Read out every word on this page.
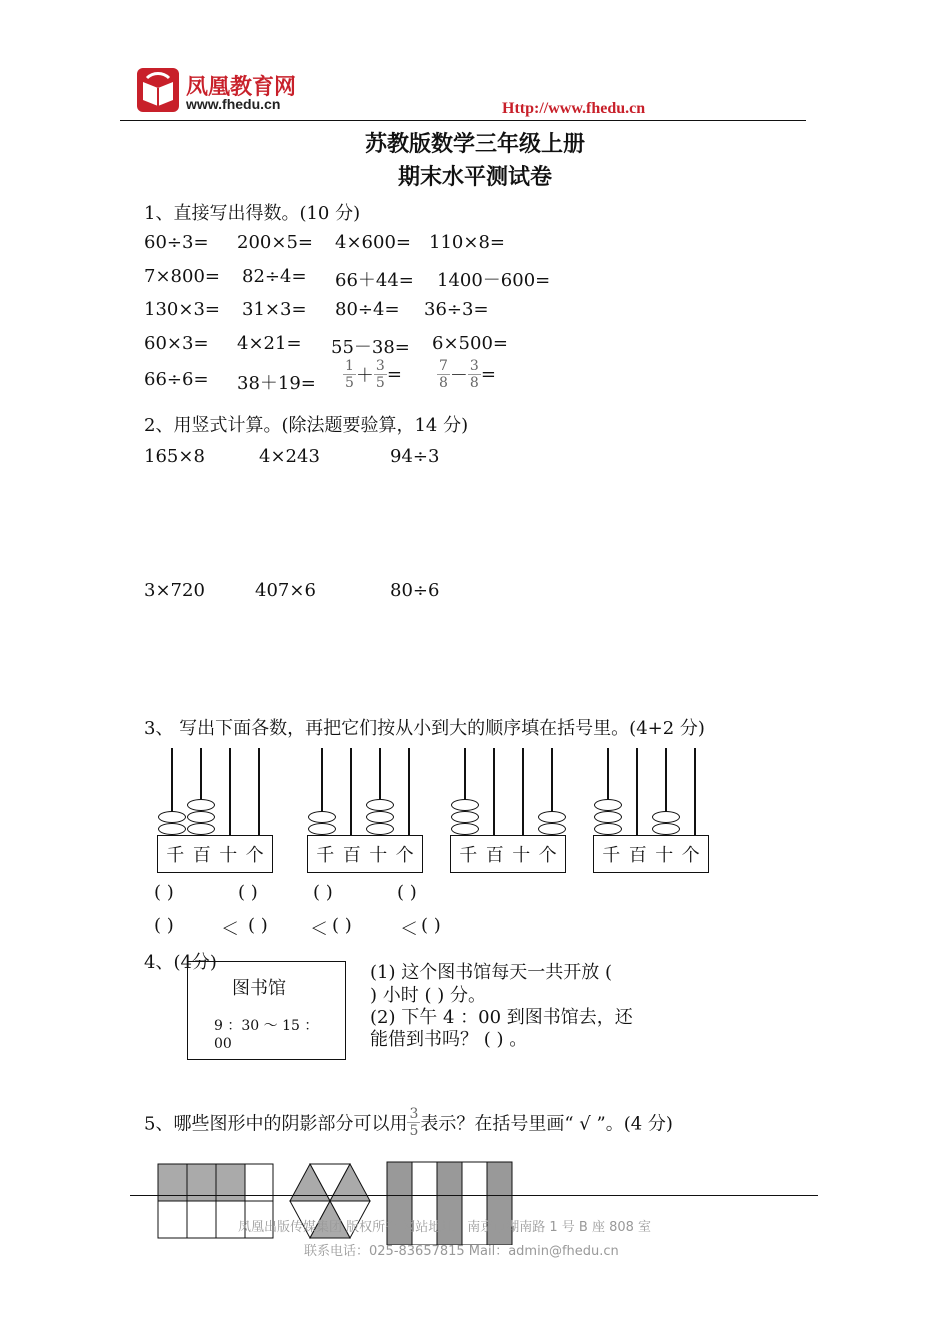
凤凰教育网
www.fhedu.cn	Http://www.fhedu.cn
苏教版数学三年级上册
期末水平测试卷
1、直接写出得数。(10 分)
60÷3= 200×5= 4×600= 110×8=
7×800= 82÷4= 66＋44= 1400－600=
130×3= 31×3= 80÷4= 36÷3=
60×3= 4×21= 55－38= 6×500=
$66\div 6= 38+19= \frac{1}{5} + \frac{3}{5}$ =	$\frac{7}{8} - \frac{3}{8}$ =
2、用竖式计算。(除法题要验算，14 分)
165×8	4×243	94÷3
3×720	407×6	80÷6
3、 写出下面各数，再把它们按从小到大的顺序填在括号里。(4+2 分)
千 百 十 个	千 百 十 个	千 百 十 个	千 百 十 个
( )	( )	( )	( )
( )	＜ ( ) ＜ ( )	＜ ( )
4、(4分)
图书馆
9 ：30 ～ 15 ：00
(1) 这个图书馆每天一共开放 (
) 小时 ( ) 分。
(2) 下午 4 ：00 到图书馆去，还
能借到书吗？ ( ) 。
5、哪些图形中的阴影部分可以用 $\frac{3}{5}$ 表示？在括号里画“ √ ”。(4 分)
凤凰出版传媒集团 版权所有 网站地址：南京市湖南路 1 号 B 座 808 室
联系电话：025-83657815 Mail：admin@fhedu.cn
